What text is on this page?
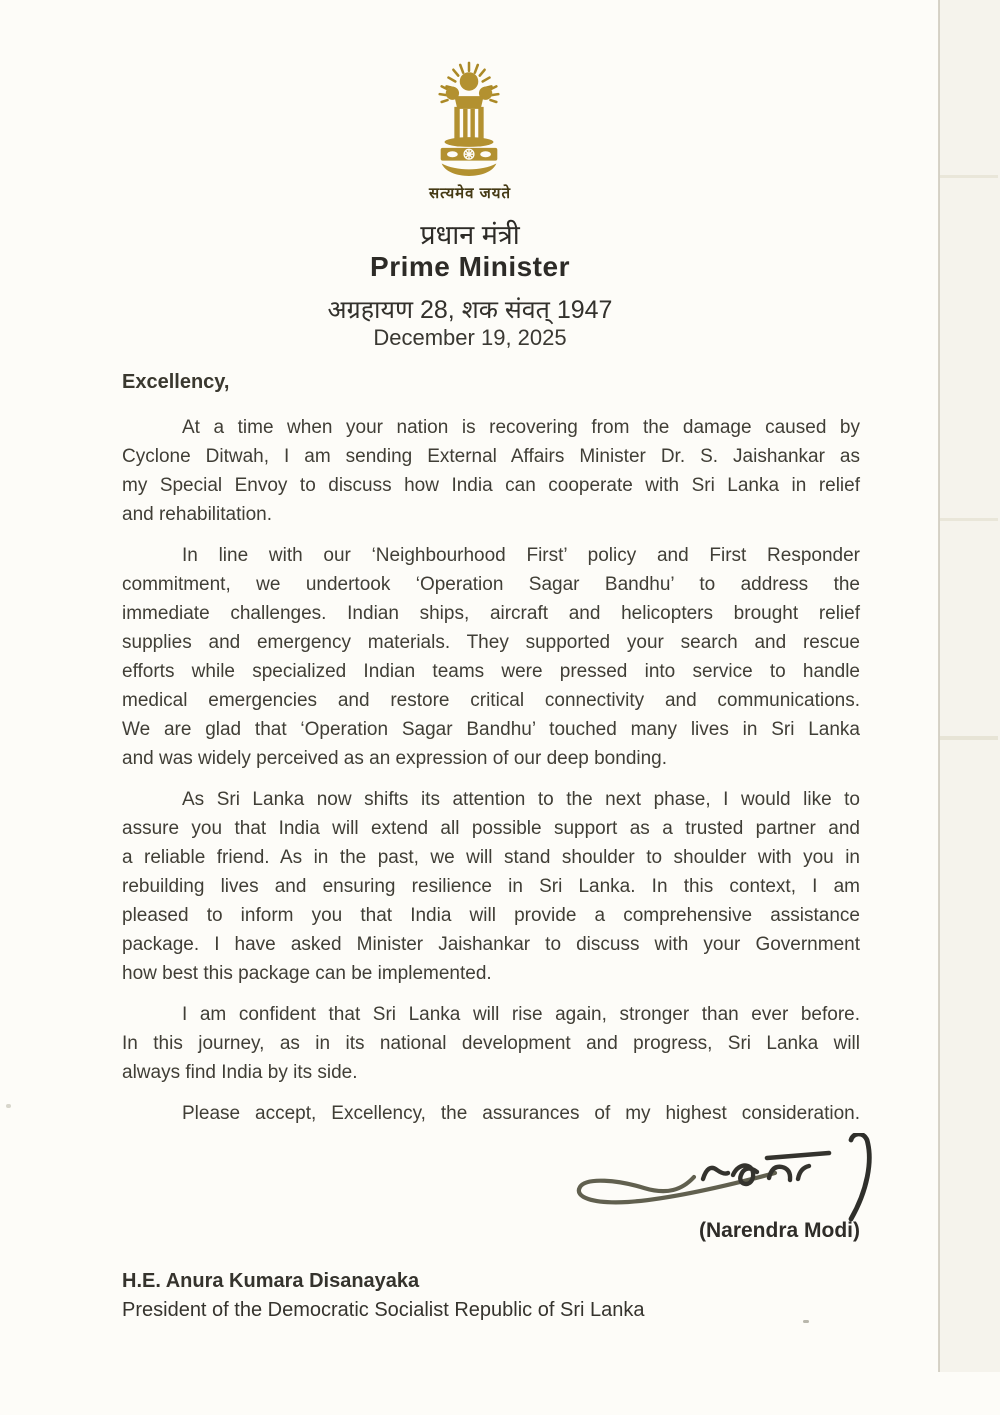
सत्यमेव जयते
प्रधान मंत्री
Prime Minister
अग्रहायण 28, शक संवत् 1947
December 19, 2025
Excellency,
At a time when your nation is recovering from the damage caused by
Cyclone Ditwah, I am sending External Affairs Minister Dr. S. Jaishankar as
my Special Envoy to discuss how India can cooperate with Sri Lanka in relief
and rehabilitation.
In line with our ‘Neighbourhood First’ policy and First Responder
commitment, we undertook ‘Operation Sagar Bandhu’ to address the
immediate challenges. Indian ships, aircraft and helicopters brought relief
supplies and emergency materials. They supported your search and rescue
efforts while specialized Indian teams were pressed into service to handle
medical emergencies and restore critical connectivity and communications.
We are glad that ‘Operation Sagar Bandhu’ touched many lives in Sri Lanka
and was widely perceived as an expression of our deep bonding.
As Sri Lanka now shifts its attention to the next phase, I would like to
assure you that India will extend all possible support as a trusted partner and
a reliable friend. As in the past, we will stand shoulder to shoulder with you in
rebuilding lives and ensuring resilience in Sri Lanka. In this context, I am
pleased to inform you that India will provide a comprehensive assistance
package. I have asked Minister Jaishankar to discuss with your Government
how best this package can be implemented.
I am confident that Sri Lanka will rise again, stronger than ever before.
In this journey, as in its national development and progress, Sri Lanka will
always find India by its side.
Please accept, Excellency, the assurances of my highest consideration.
(Narendra Modi)
H.E. Anura Kumara Disanayaka
President of the Democratic Socialist Republic of Sri Lanka
